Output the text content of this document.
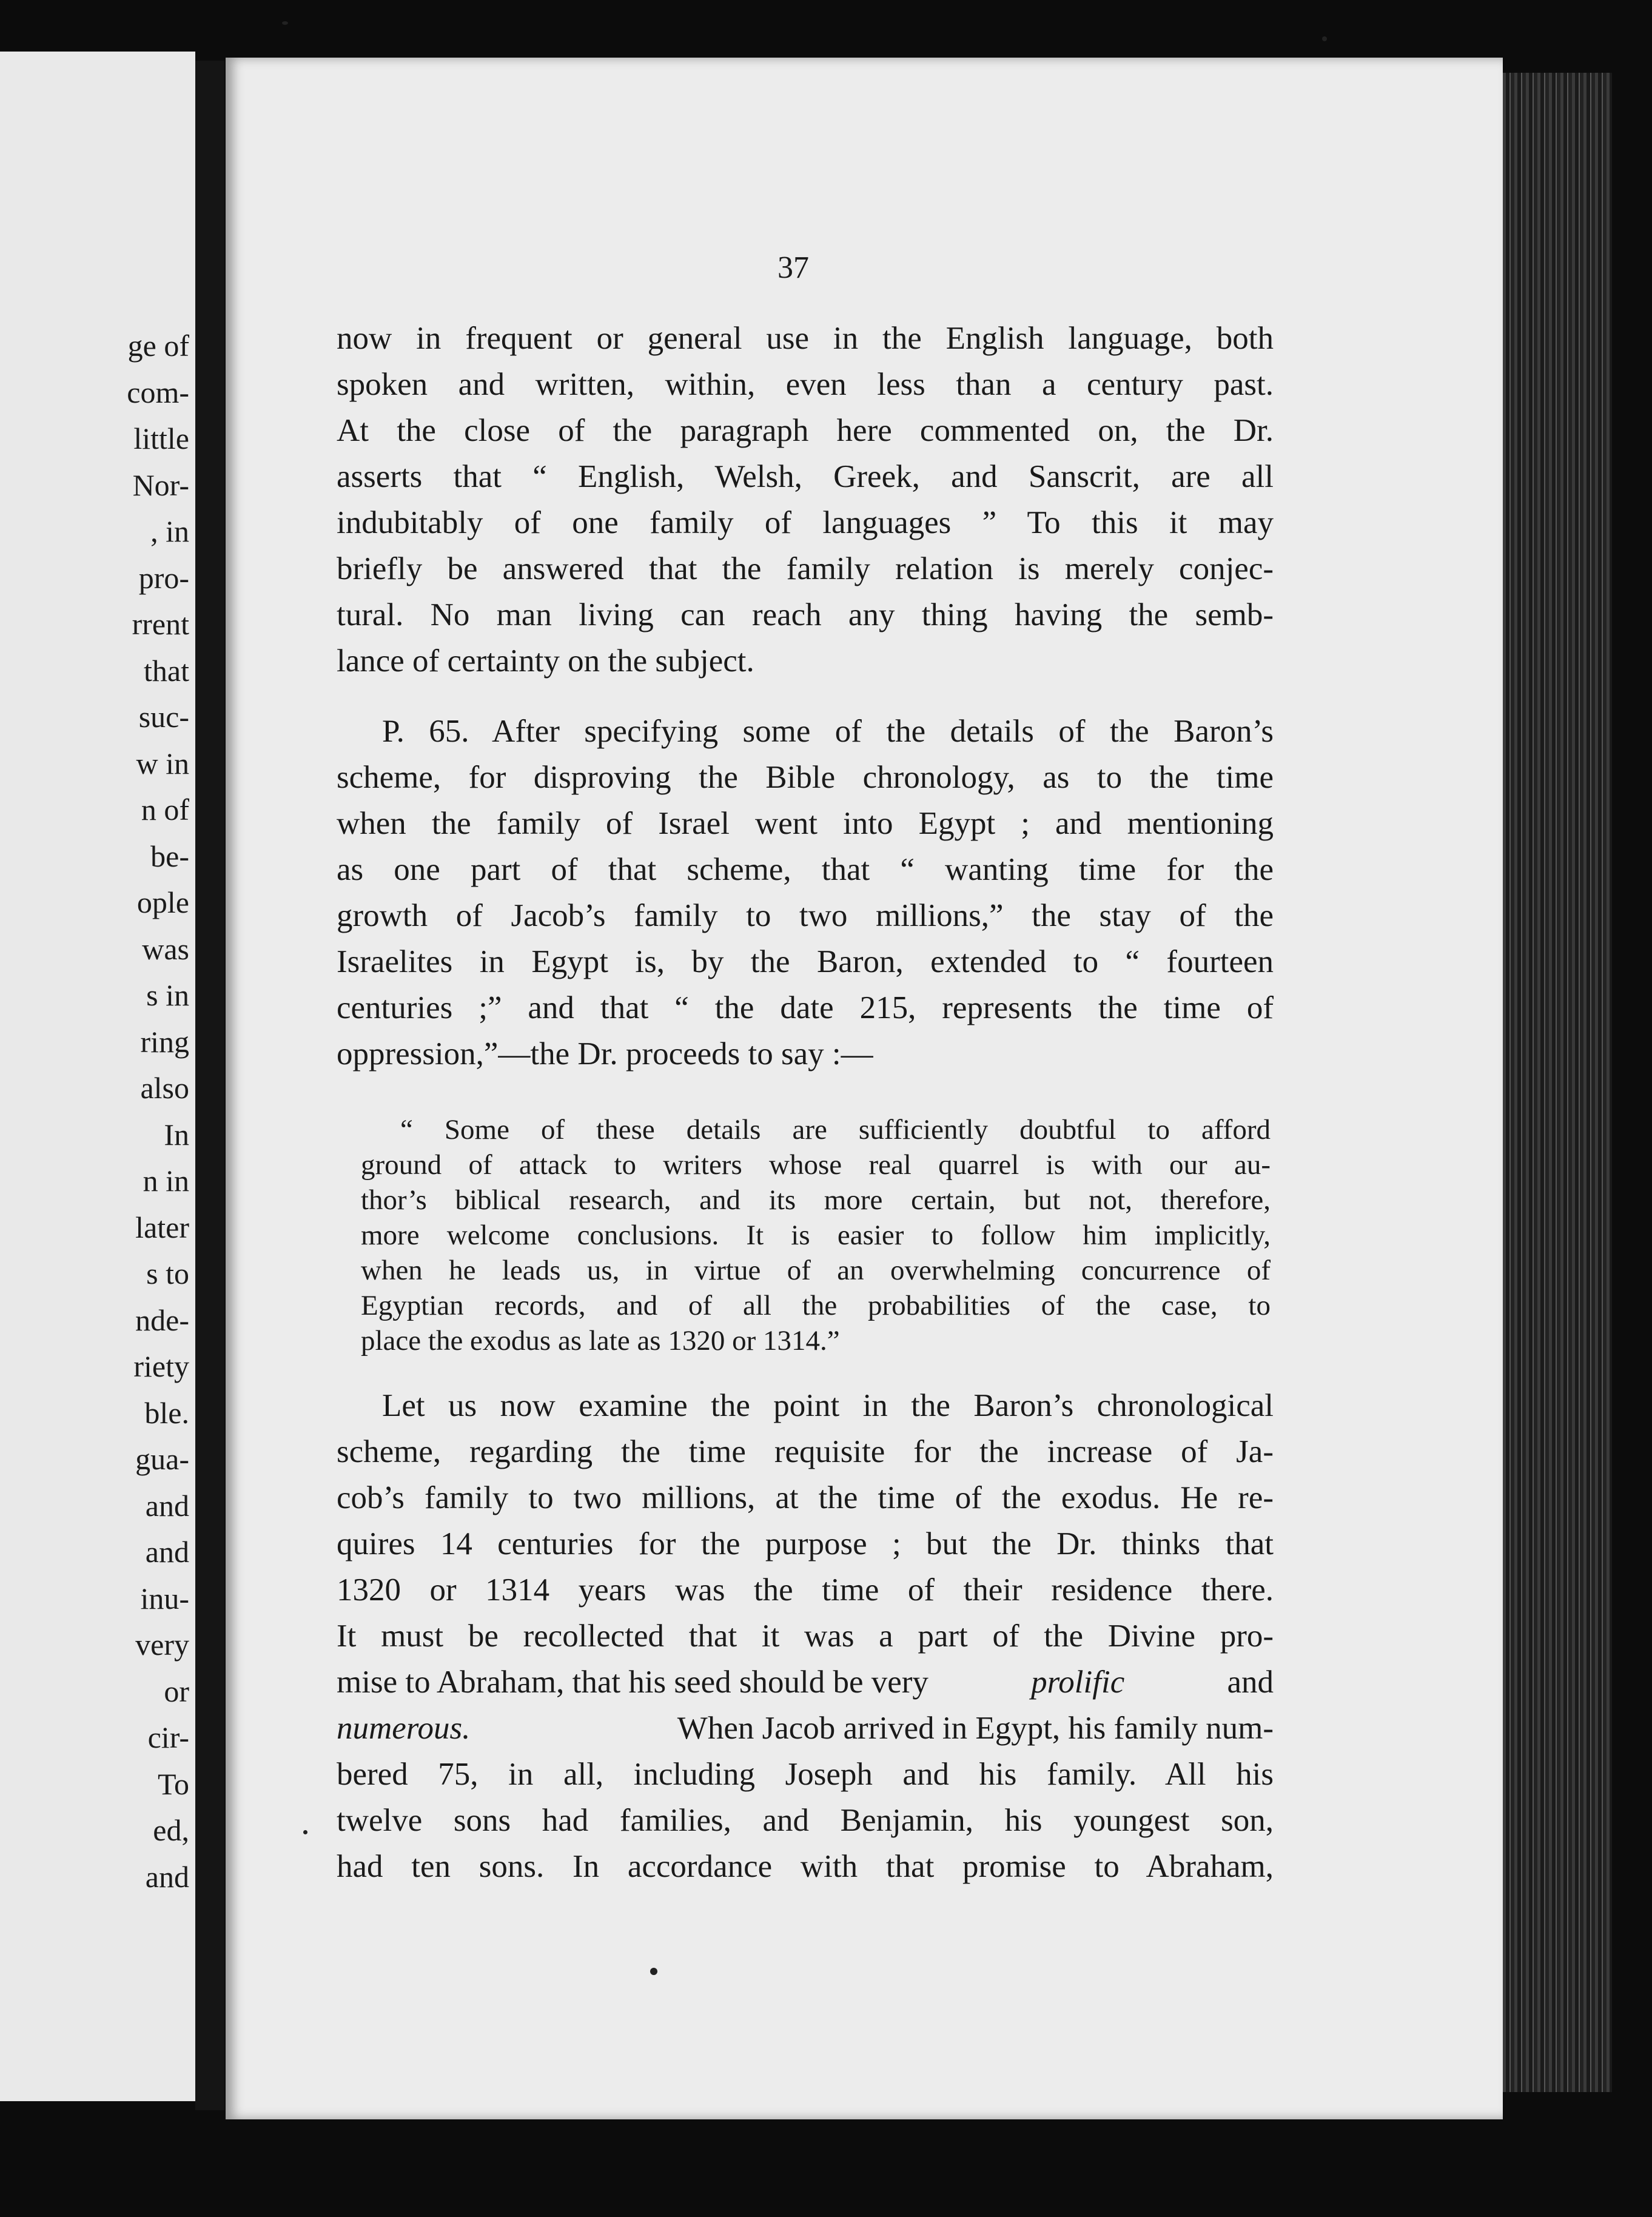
ge of
com-
little
Nor-
, in
pro-
rrent
that
suc-
w in
n of
be-
ople
was
s in
ring
also
In
n in
later
s to
nde-
riety
ble.
gua-
and
and
inu-
very
or
cir-
To
ed,
and
37
now in frequent or general use in the English language, both
spoken and written, within, even less than a century past.
At the close of the paragraph here commented on, the Dr.
asserts that “ English, Welsh, Greek, and Sanscrit, are all
indubitably of one family of languages ” To this it may
briefly be answered that the family relation is merely conjec-
tural. No man living can reach any thing having the semb-
lance of certainty on the subject.
P. 65. After specifying some of the details of the Baron’s
scheme, for disproving the Bible chronology, as to the time
when the family of Israel went into Egypt ; and mentioning
as one part of that scheme, that “ wanting time for the
growth of Jacob’s family to two millions,” the stay of the
Israelites in Egypt is, by the Baron, extended to “ fourteen
centuries ;” and that “ the date 215, represents the time of
oppression,”—the Dr. proceeds to say :—
“ Some of these details are sufficiently doubtful to afford
ground of attack to writers whose real quarrel is with our au-
thor’s biblical research, and its more certain, but not, therefore,
more welcome conclusions. It is easier to follow him implicitly,
when he leads us, in virtue of an overwhelming concurrence of
Egyptian records, and of all the probabilities of the case, to
place the exodus as late as 1320 or 1314.”
Let us now examine the point in the Baron’s chronological
scheme, regarding the time requisite for the increase of Ja-
cob’s family to two millions, at the time of the exodus. He re-
quires 14 centuries for the purpose ; but the Dr. thinks that
1320 or 1314 years was the time of their residence there.
It must be recollected that it was a part of the Divine pro-
mise to Abraham, that his seed should be very	prolific	and
numerous.	When Jacob arrived in Egypt, his family num-
bered 75, in all, including Joseph and his family. All his
twelve sons had families, and Benjamin, his youngest son,
had ten sons. In accordance with that promise to Abraham,
